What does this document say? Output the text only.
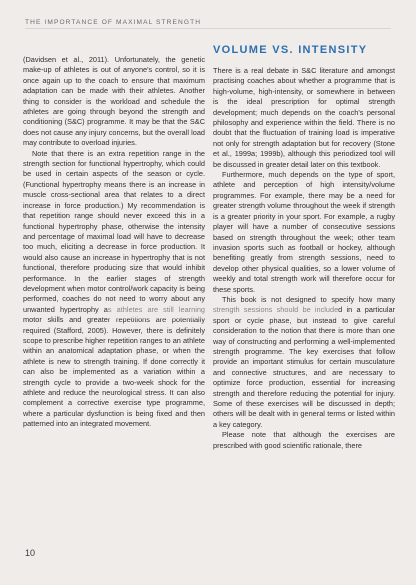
THE IMPORTANCE OF MAXIMAL STRENGTH

(Davidsen et al., 2011). Unfortunately, the genetic make-up of athletes is out of anyone's control, so it is once again up to the coach to ensure that maximum adaptation can be made with their athletes. Another thing to consider is the workload and schedule the athletes are going through beyond the strength and conditioning (S&C) programme. It may be that the S&C does not cause any injury concerns, but the overall load may contribute to overload injuries.

Note that there is an extra repetition range in the strength section for functional hypertrophy, which could be used in certain aspects of the season or cycle. (Functional hypertrophy means there is an increase in muscle cross-sectional area that relates to a direct increase in force production.) My recommendation is that repetition range should never exceed this in a functional hypertrophy phase, otherwise the intensity and percentage of maximal load will have to decrease too much, eliciting a decrease in force production. It would also cause an increase in hypertrophy that is not functional, therefore producing size that would inhibit performance. In the earlier stages of strength development when motor control/work capacity is being performed, coaches do not need to worry about any unwanted hypertrophy as athletes are still learning motor skills and greater repetitions are potentially required (Stafford, 2005). However, there is definitely scope to prescribe higher repetition ranges to an athlete within an anatomical adaptation phase, or when the athlete is new to strength training. If done correctly it can also be implemented as a variation within a strength cycle to provide a two-week shock for the athlete and reduce the neurological stress. It can also complement a corrective exercise type programme, where a particular dysfunction is being fixed and then patterned into an integrated movement.

VOLUME VS. INTENSITY

There is a real debate in S&C literature and amongst practising coaches about whether a programme that is high-volume, high-intensity, or somewhere in between is the ideal prescription for optimal strength development; much depends on the coach's personal philosophy and experience within the field. There is no doubt that the fluctuation of training load is imperative not only for strength adaptation but for recovery (Stone et al., 1999a; 1999b), although this periodized tool will be discussed in greater detail later on this textbook.

Furthermore, much depends on the type of sport, athlete and perception of high intensity/volume programmes. For example, there may be a need for greater strength volume throughout the week if strength is a greater priority in your sport. For example, a rugby player will have a number of consecutive sessions based on strength throughout the week; other team invasion sports such as football or hockey, although benefiting greatly from strength sessions, need to develop other physical qualities, so a lower volume of weekly and total strength work will therefore occur for these sports.

This book is not designed to specify how many strength sessions should be included in a particular sport or cycle phase, but instead to give careful consideration to the notion that there is more than one way of constructing and performing a well-implemented strength programme. The key exercises that follow provide an important stimulus for certain musculature and connective structures, and are necessary to optimize force production, essential for increasing strength and therefore reducing the potential for injury. Some of these exercises will be discussed in depth; others will be dealt with in general terms or listed within a key category.

Please note that although the exercises are prescribed with good scientific rationale, there

10
